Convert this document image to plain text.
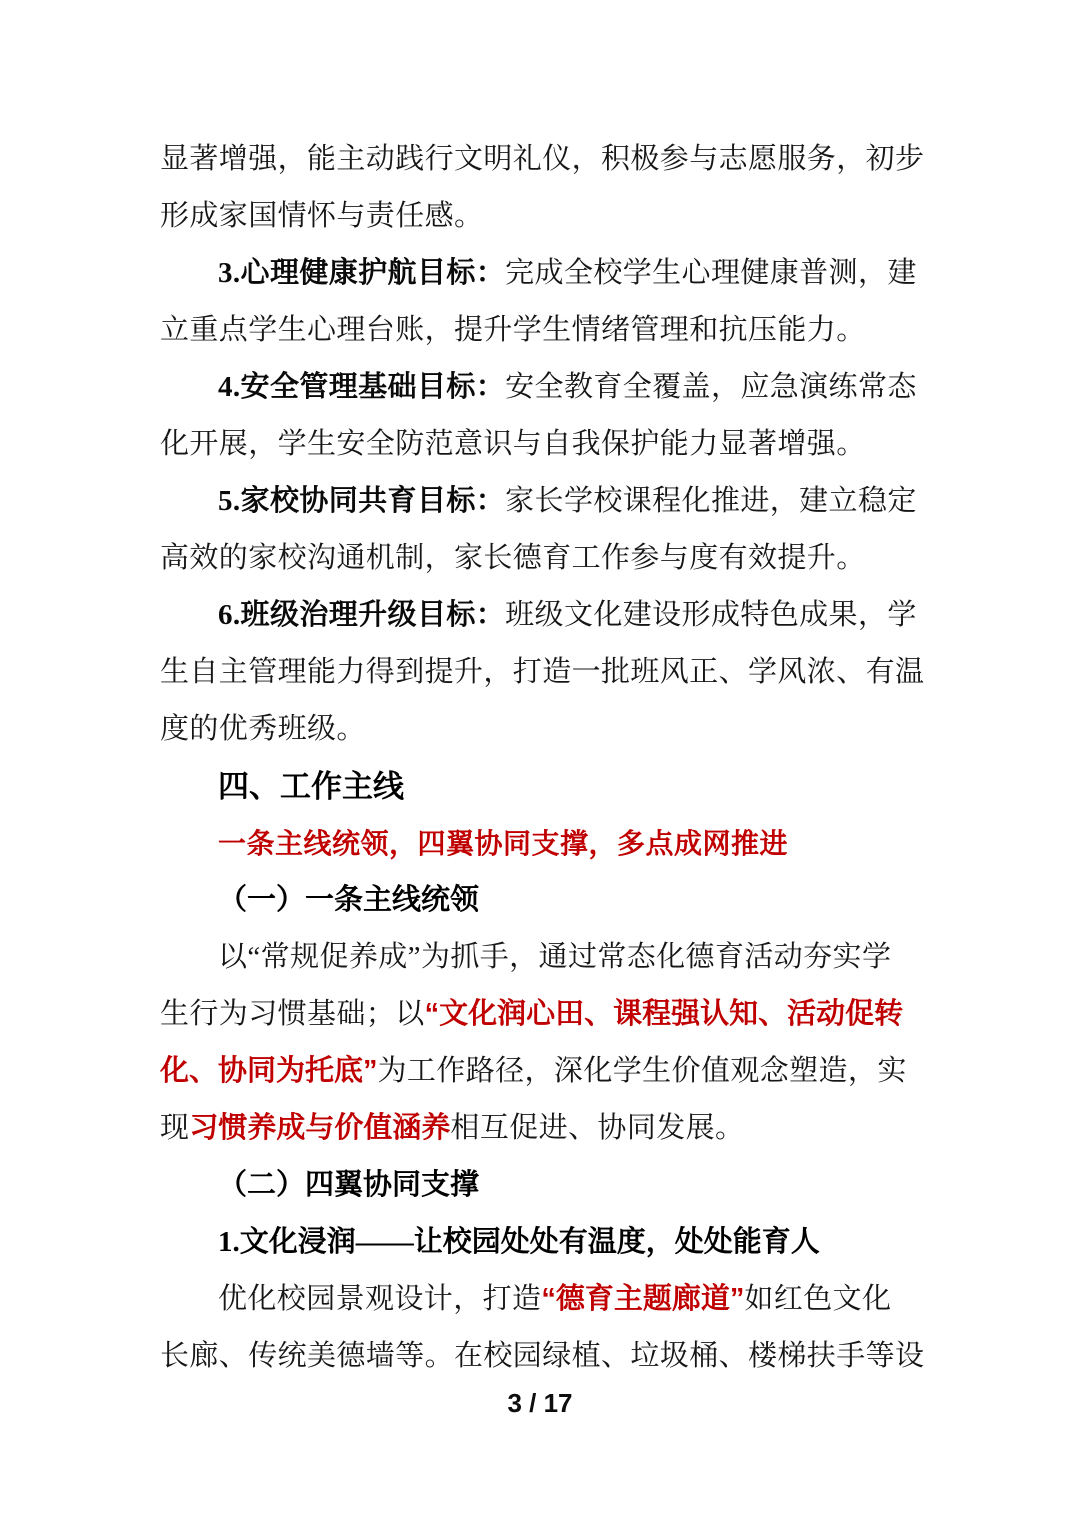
显著增强，能主动践行文明礼仪，积极参与志愿服务，初步
形成家国情怀与责任感。
3.心理健康护航目标：完成全校学生心理健康普测，建
立重点学生心理台账，提升学生情绪管理和抗压能力。
4.安全管理基础目标：安全教育全覆盖，应急演练常态
化开展，学生安全防范意识与自我保护能力显著增强。
5.家校协同共育目标：家长学校课程化推进，建立稳定
高效的家校沟通机制，家长德育工作参与度有效提升。
6.班级治理升级目标：班级文化建设形成特色成果，学
生自主管理能力得到提升，打造一批班风正、学风浓、有温
度的优秀班级。
四、工作主线
一条主线统领，四翼协同支撑，多点成网推进
（一）一条主线统领
以“常规促养成”为抓手，通过常态化德育活动夯实学
生行为习惯基础；以“文化润心田、课程强认知、活动促转
化、协同为托底”为工作路径，深化学生价值观念塑造，实
现习惯养成与价值涵养相互促进、协同发展。
（二）四翼协同支撑
1.文化浸润——让校园处处有温度，处处能育人
优化校园景观设计，打造“德育主题廊道”如红色文化
长廊、传统美德墙等。在校园绿植、垃圾桶、楼梯扶手等设
3 / 17
